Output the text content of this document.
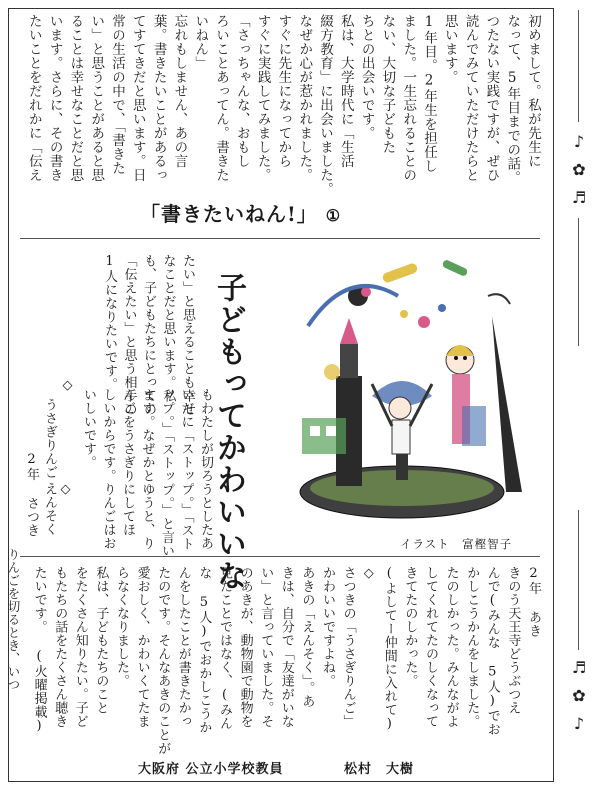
初めまして。私が先生に
なって、5年目までの話。
つたない実践ですが、ぜひ
読んでみていただけたらと
思います。
1年目。2年生を担任し
ました。一生忘れることの
ない、大切な子どもた
ちとの出会いです。
私は、大学時代に「生活
綴方教育」に出会いました。
なぜか心が惹かれました。
すぐに先生になってから
すぐに実践してみました。
「さっちゃんな、おもし
ろいことあってん。書きた
いねん」
忘れもしません、あの言
葉。書きたいことがあるっ
てすてきだと思います。日
常の生活の中で、「書きた
い」と思うことがあると思
ることは幸せなことだと思
います。さらに、その書き
たいことをだれかに「伝え
「書きたいねん!」 ①
子どもってかわいいな
たい」と思えることも幸せ
なことだと思います。私
も、子どもたちにとっての
「伝えたい」と思う相手の
1人になりたいです。
もわたしが切ろうとしたあ
いだに「ストップ。」「スト
ップ。」「ストップ。」と言い
ます。なぜかとゆうと、り
んごをうさぎりにしてほ
しいからです。りんごはお
いしいです。
◇
うさぎりんご
2年 さつき
りんごを切るとき、いつ
◇
えんそく
イラスト　富樫智子
2年 あき
きのう天王寺どうぶつえ
んで(みんな 5人)でお
かしこうかんをしました。
たのしかった。みんながよ
してくれてたのしくなって
きてたのしかった。
(よしてー仲間に入れて)
◇
さつきの「うさぎりんご」
かわいいですよね。
あきの「えんそく」。あ
きは、自分で「友達がいな
い」と言っていました。そ
のあきが、動物園で動物を
見たことではなく、(みん
な 5人)でおかしこうか
んをしたことが書きたかっ
たのです。そんなあきのことが
愛おしく、かわいくてたま
らなくなりました。
私は、子どもたちのこと
をたくさん知りたい。子ど
もたちの話をたくさん聴き
たいです。 (火曜掲載)
大阪府 公立小学校教員	松村　大樹
♪
✿
♬
♬
✿
♪
